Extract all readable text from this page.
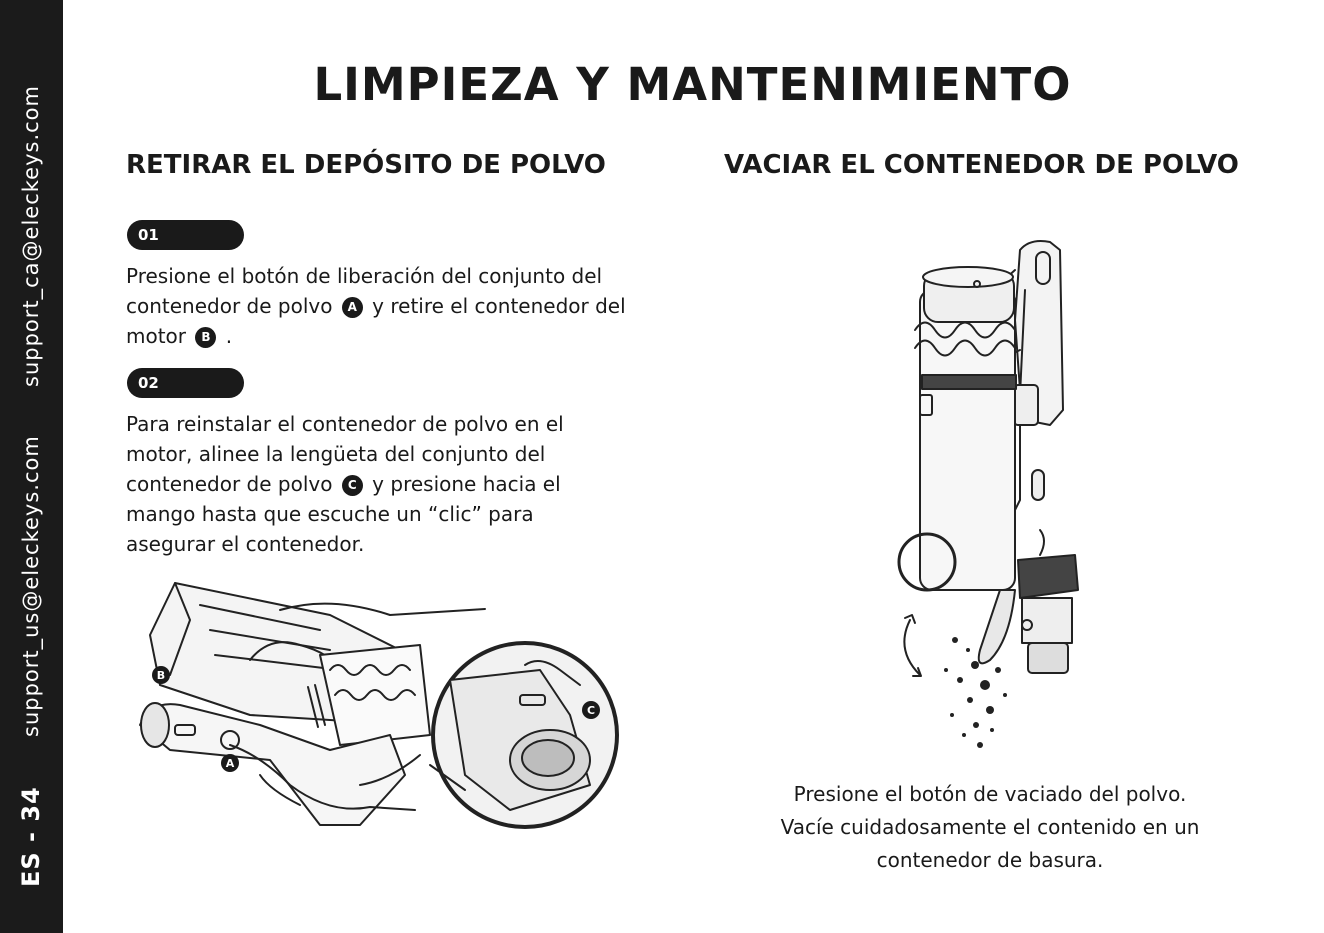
support_ca@eleckeys.com
support_us@eleckeys.com
ES - 34
LIMPIEZA Y MANTENIMIENTO
RETIRAR EL DEPÓSITO DE POLVO	VACIAR EL CONTENEDOR DE POLVO
01
Presione el botón de liberación del conjunto del contenedor de polvo A y retire el contenedor del motor B .
02
Para reinstalar el contenedor de polvo en el motor, alinee la lengüeta del conjunto del contenedor de polvo C y presione hacia el mango hasta que escuche un “clic” para asegurar el contenedor.
B
A
C
Presione el botón de vaciado del polvo.
Vacíe cuidadosamente el contenido en un
contenedor de basura.
